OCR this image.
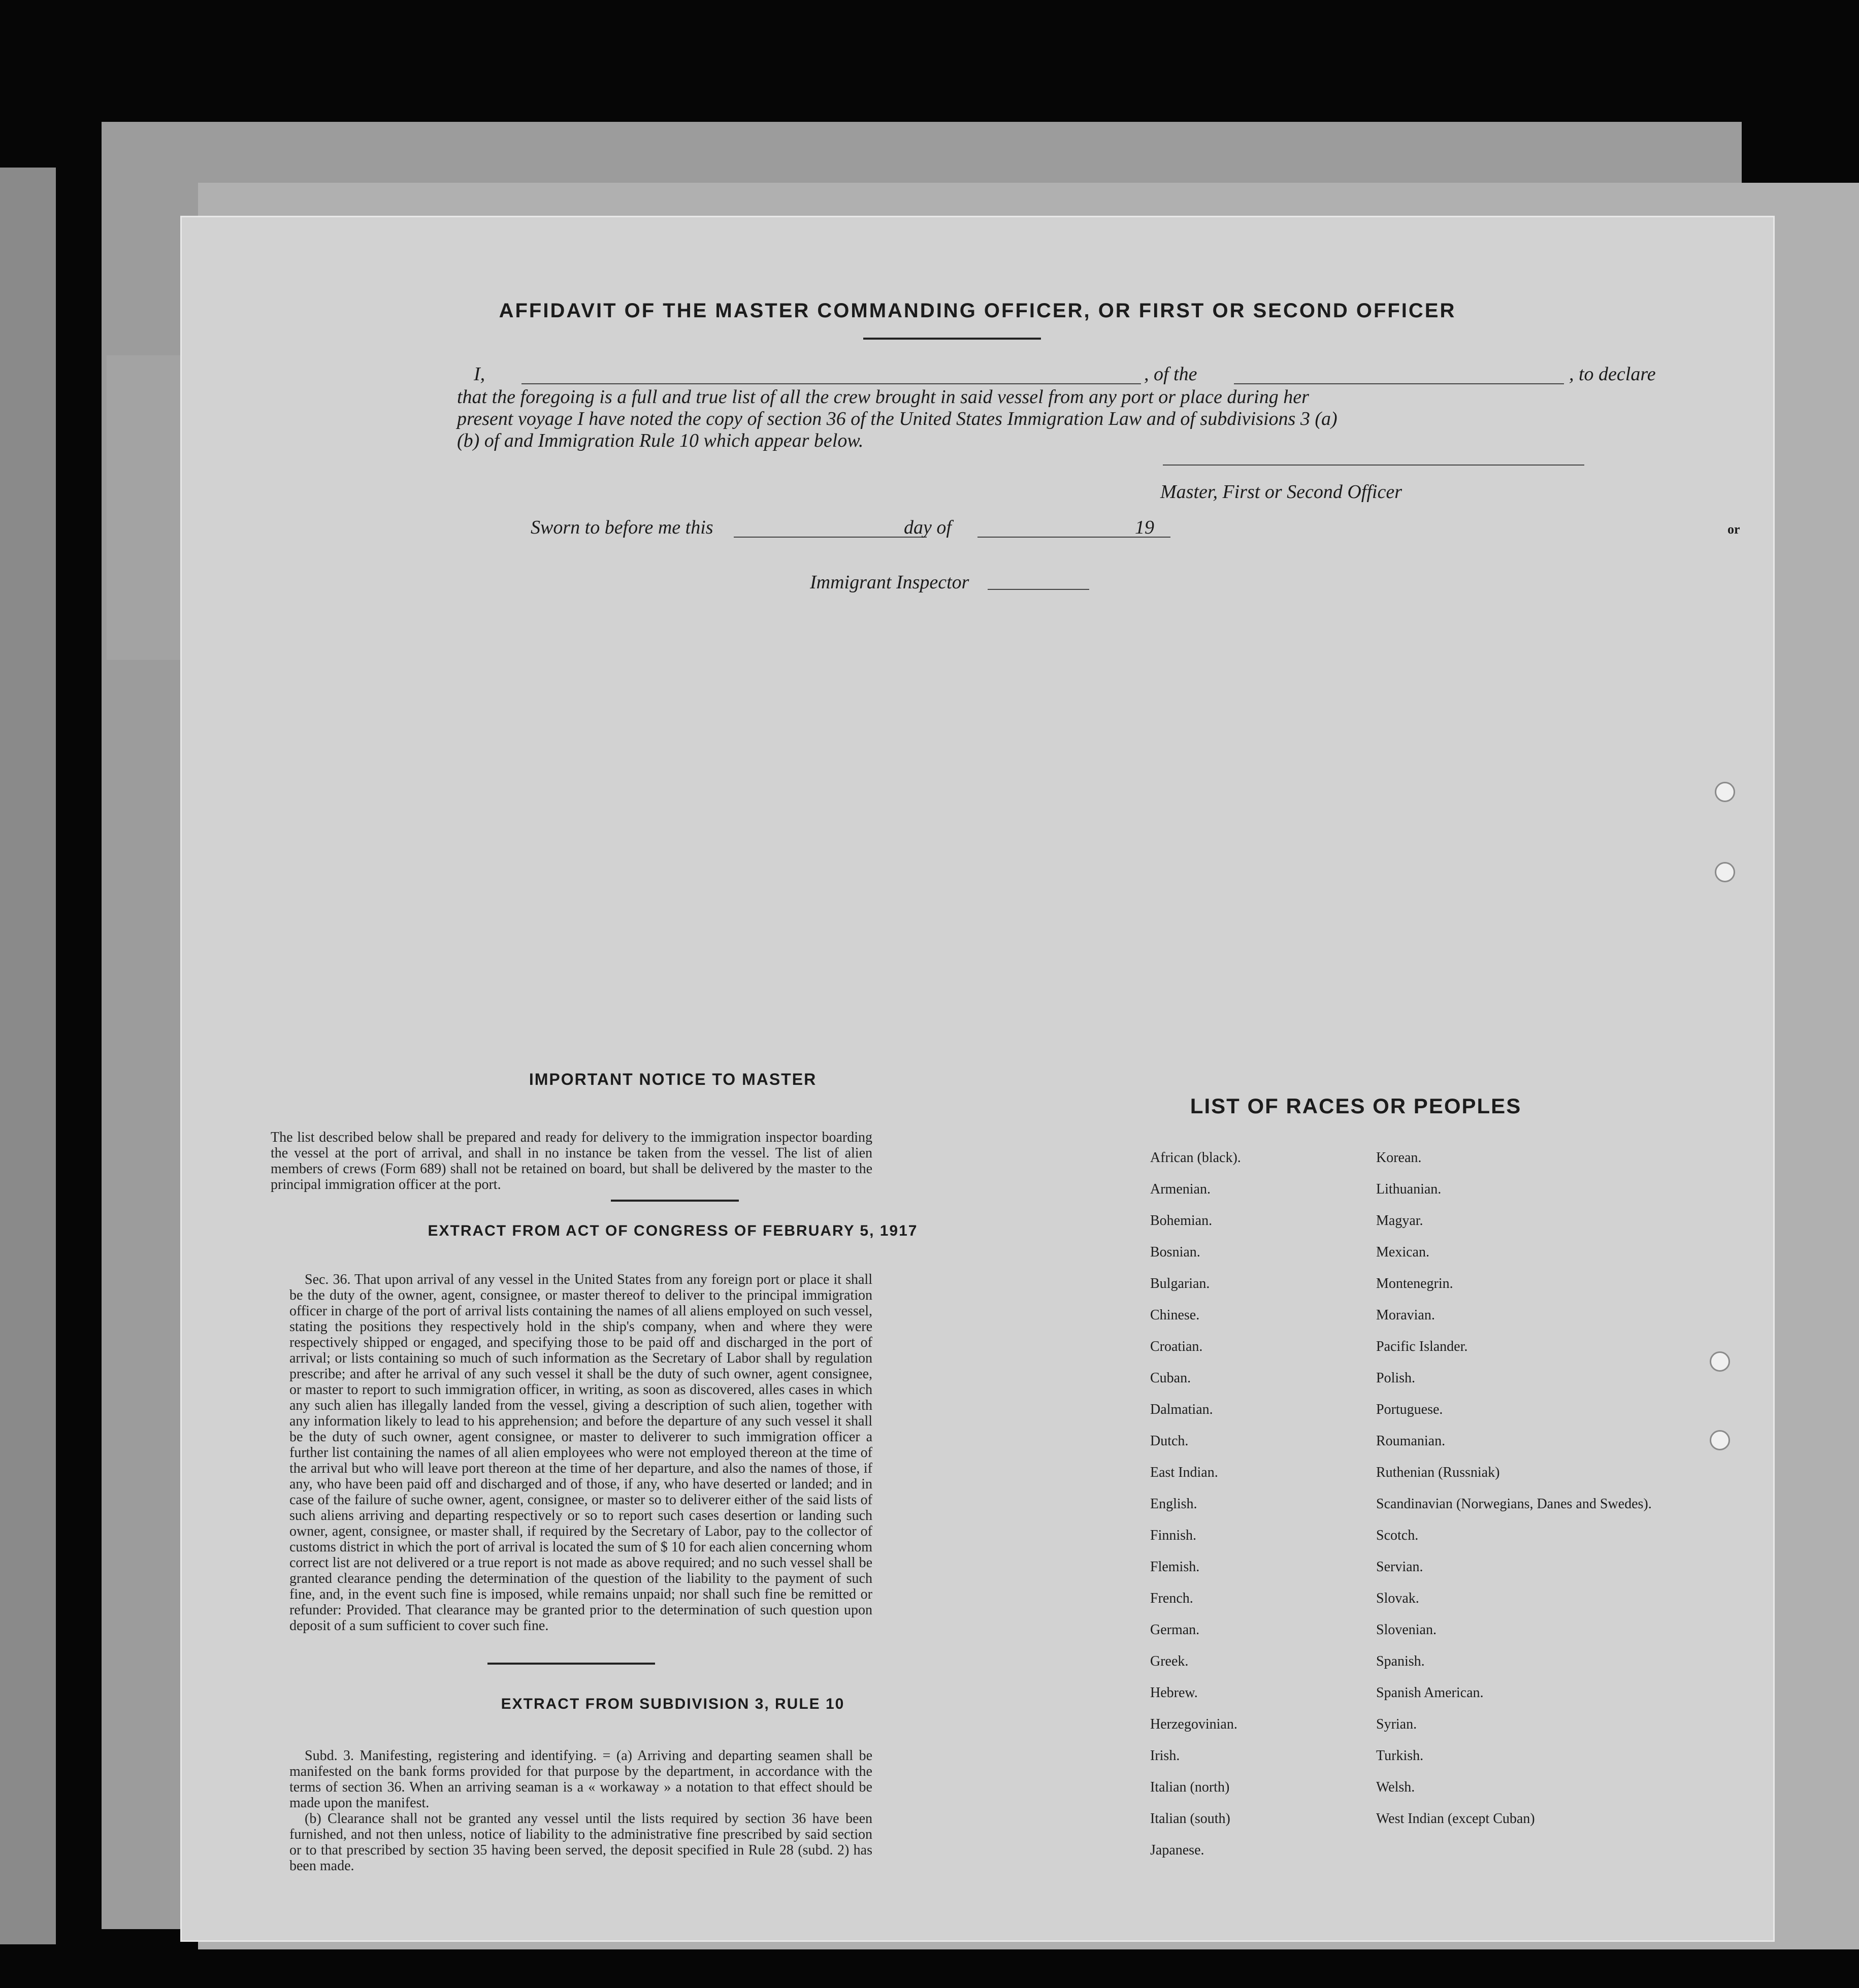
AFFIDAVIT OF THE MASTER COMMANDING OFFICER, OR FIRST OR SECOND OFFICER
I,	, of the	, to declare
that the foregoing is a full and true list of all the crew brought in said vessel from any port or place during her
present voyage I have noted the copy of section 36 of the United States Immigration Law and of subdivisions 3 (a)
(b) of and Immigration Rule 10 which appear below.
Master, First or Second Officer
Sworn to before me this	day of	19
Immigrant Inspector
or
IMPORTANT NOTICE TO MASTER
The list described below shall be prepared and ready for delivery to the immigration inspector boarding the vessel at the port of arrival, and shall in no instance be taken from the vessel. The list of alien members of crews (Form 689) shall not be retained on board, but shall be delivered by the master to the principal immigration officer at the port.
EXTRACT FROM ACT OF CONGRESS OF FEBRUARY 5, 1917
Sec. 36. That upon arrival of any vessel in the United States from any foreign port or place it shall be the duty of the owner, agent, consignee, or master thereof to deliver to the principal immigration officer in charge of the port of arrival lists containing the names of all aliens employed on such vessel, stating the positions they respectively hold in the ship's company, when and where they were respectively shipped or engaged, and specifying those to be paid off and discharged in the port of arrival; or lists containing so much of such information as the Secretary of Labor shall by regulation prescribe; and after he arrival of any such vessel it shall be the duty of such owner, agent consignee, or master to report to such immigration officer, in writing, as soon as discovered, alles cases in which any such alien has illegally landed from the vessel, giving a description of such alien, together with any information likely to lead to his apprehension; and before the departure of any such vessel it shall be the duty of such owner, agent consignee, or master to deliverer to such immigration officer a further list containing the names of all alien employees who were not employed thereon at the time of the arrival but who will leave port thereon at the time of her departure, and also the names of those, if any, who have been paid off and discharged and of those, if any, who have deserted or landed; and in case of the failure of suche owner, agent, consignee, or master so to deliverer either of the said lists of such aliens arriving and departing respectively or so to report such cases desertion or landing such owner, agent, consignee, or master shall, if required by the Secretary of Labor, pay to the collector of customs district in which the port of arrival is located the sum of $ 10 for each alien concerning whom correct list are not delivered or a true report is not made as above required; and no such vessel shall be granted clearance pending the determination of the question of the liability to the payment of such fine, and, in the event such fine is imposed, while remains unpaid; nor shall such fine be remitted or refunder: Provided. That clearance may be granted prior to the determination of such question upon deposit of a sum sufficient to cover such fine.
EXTRACT FROM SUBDIVISION 3, RULE 10
Subd. 3. Manifesting, registering and identifying. = (a) Arriving and departing seamen shall be manifested on the bank forms provided for that purpose by the department, in accordance with the terms of section 36. When an arriving seaman is a « workaway » a notation to that effect should be made upon the manifest.
(b) Clearance shall not be granted any vessel until the lists required by section 36 have been furnished, and not then unless, notice of liability to the administrative fine prescribed by said section or to that prescribed by section 35 having been served, the deposit specified in Rule 28 (subd. 2) has been made.
LIST OF RACES OR PEOPLES
African (black).
Armenian.
Bohemian.
Bosnian.
Bulgarian.
Chinese.
Croatian.
Cuban.
Dalmatian.
Dutch.
East Indian.
English.
Finnish.
Flemish.
French.
German.
Greek.
Hebrew.
Herzegovinian.
Irish.
Italian (north)
Italian (south)
Japanese.
Korean.
Lithuanian.
Magyar.
Mexican.
Montenegrin.
Moravian.
Pacific Islander.
Polish.
Portuguese.
Roumanian.
Ruthenian (Russniak)
Scandinavian (Norwegians, Danes and Swedes).
Scotch.
Servian.
Slovak.
Slovenian.
Spanish.
Spanish American.
Syrian.
Turkish.
Welsh.
West Indian (except Cuban)
